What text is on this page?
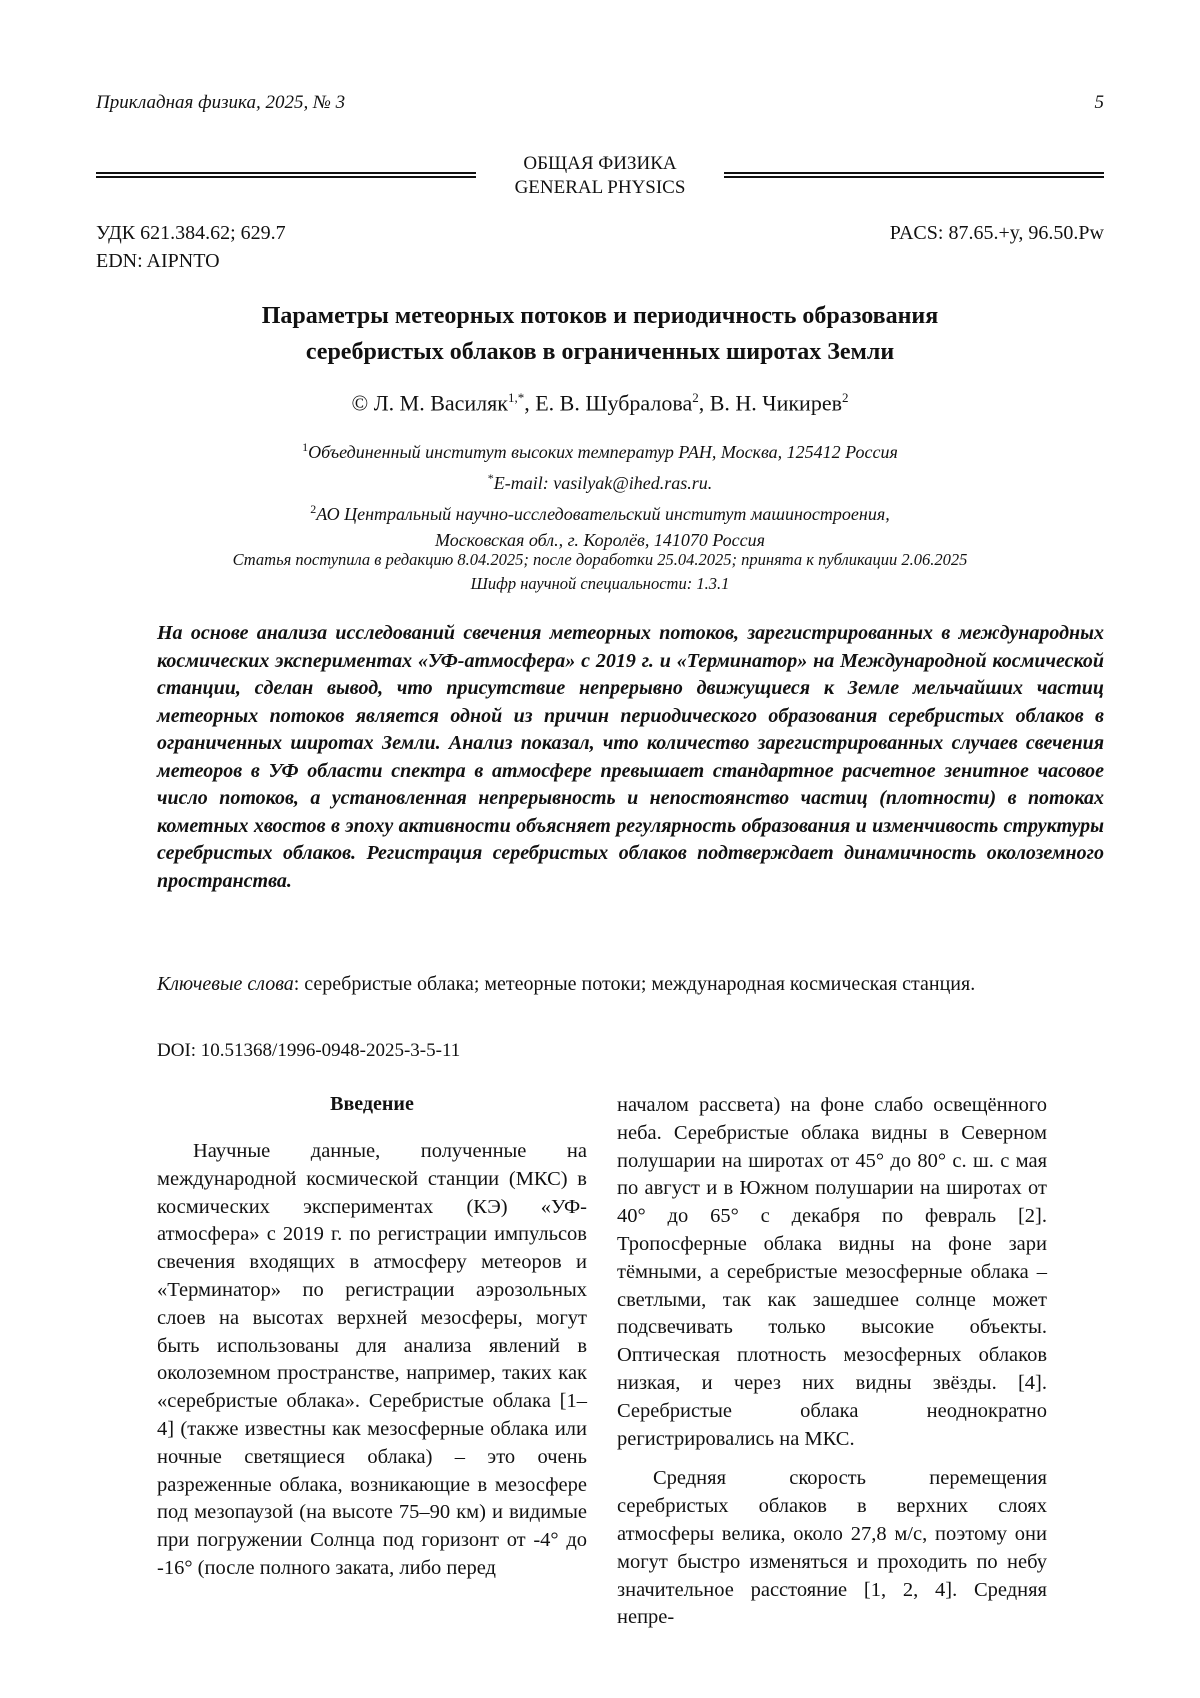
Прикладная физика, 2025, № 3	5
ОБЩАЯ ФИЗИКА
GENERAL PHYSICS
УДК 621.384.62; 629.7
EDN: AIPNTO
PACS: 87.65.+y, 96.50.Pw
Параметры метеорных потоков и периодичность образования
серебристых облаков в ограниченных широтах Земли
© Л. М. Василяк$^{1,*}$, Е. В. Шубралова$^2$, В. Н. Чикирев$^2$
$^1$Объединенный институт высоких температур РАН, Москва, 125412 Россия
*E-mail: vasilyak@ihed.ras.ru.
$^2$АО Центральный научно-исследовательский институт машиностроения,
Московская обл., г. Королёв, 141070 Россия
Статья поступила в редакцию 8.04.2025; после доработки 25.04.2025; принята к публикации 2.06.2025
Шифр научной специальности: 1.3.1

На основе анализа исследований свечения метеорных потоков, зарегистрированных в международных космических экспериментах «УФ-атмосфера» с 2019 г. и «Терминатор» на Международной космической станции, сделан вывод, что присутствие непрерывно движущиеся к Земле мельчайших частиц метеорных потоков является одной из причин периодического образования серебристых облаков в ограниченных широтах Земли. Анализ показал, что количество зарегистрированных случаев свечения метеоров в УФ области спектра в атмосфере превышает стандартное расчетное зенитное часовое число потоков, а установленная непрерывность и непостоянство частиц (плотности) в потоках кометных хвостов в эпоху активности объясняет регулярность образования и изменчивость структуры серебристых облаков. Регистрация серебристых облаков подтверждает динамичность околоземного пространства.

Ключевые слова: серебристые облака; метеорные потоки; международная космическая станция.

DOI: 10.51368/1996-0948-2025-3-5-11
Введение

Научные данные, полученные на международной космической станции (МКС) в космических экспериментах (КЭ) «УФ-атмосфера» с 2019 г. по регистрации импульсов свечения входящих в атмосферу метеоров и «Терминатор» по регистрации аэрозольных слоев на высотах верхней мезосферы, могут быть использованы для анализа явлений в околоземном пространстве, например, таких как «серебристые облака». Серебристые облака [1–4] (также известны как мезосферные облака или ночные светящиеся облака) – это очень разреженные облака, возникающие в мезосфере под мезопаузой (на высоте 75–90 км) и видимые при погружении Солнца под горизонт от -4° до -16° (после полного заката, либо перед

началом рассвета) на фоне слабо освещённого неба. Серебристые облака видны в Северном полушарии на широтах от 45° до 80° с. ш. с мая по август и в Южном полушарии на широтах от 40° до 65° с декабря по февраль [2]. Тропосферные облака видны на фоне зари тёмными, а серебристые мезосферные облака – светлыми, так как зашедшее солнце может подсвечивать только высокие объекты. Оптическая плотность мезосферных облаков низкая, и через них видны звёзды. [4]. Серебристые облака неоднократно регистрировались на МКС.

Средняя скорость перемещения серебристых облаков в верхних слоях атмосферы велика, около 27,8 м/с, поэтому они могут быстро изменяться и проходить по небу значительное расстояние [1, 2, 4]. Средняя непре-
